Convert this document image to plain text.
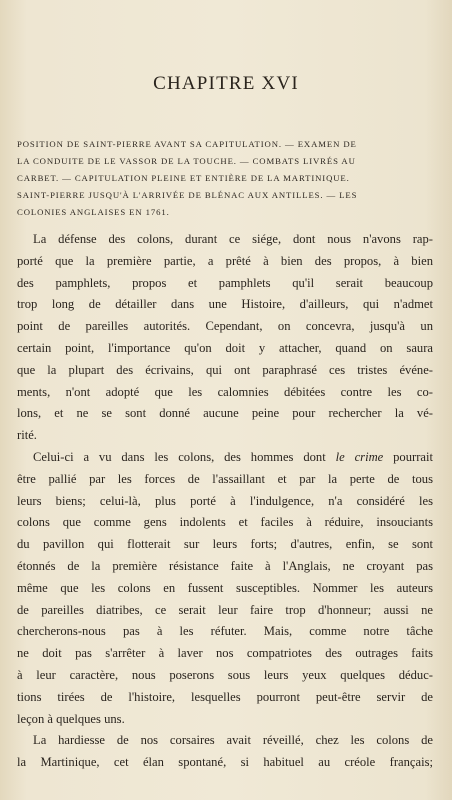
CHAPITRE XVI
POSITION DE SAINT-PIERRE AVANT SA CAPITULATION. — EXAMEN DE
LA CONDUITE DE LE VASSOR DE LA TOUCHE. — COMBATS LIVRÉS AU
CARBET. — CAPITULATION PLEINE ET ENTIÈRE DE LA MARTINIQUE.
SAINT-PIERRE JUSQU'À L'ARRIVÉE DE BLÉNAC AUX ANTILLES. — LES
COLONIES ANGLAISES EN 1761.
La défense des colons, durant ce siége, dont nous n'avons rap-
porté que la première partie, a prêté à bien des propos, à bien
des pamphlets, propos et pamphlets qu'il serait beaucoup
trop long de détailler dans une Histoire, d'ailleurs, qui n'admet
point de pareilles autorités. Cependant, on concevra, jusqu'à un
certain point, l'importance qu'on doit y attacher, quand on saura
que la plupart des écrivains, qui ont paraphrasé ces tristes événe-
ments, n'ont adopté que les calomnies débitées contre les co-
lons, et ne se sont donné aucune peine pour rechercher la vé-
rité.
Celui-ci a vu dans les colons, des hommes dont le crime pourrait
être pallié par les forces de l'assaillant et par la perte de tous
leurs biens; celui-là, plus porté à l'indulgence, n'a considéré les
colons que comme gens indolents et faciles à réduire, insouciants
du pavillon qui flotterait sur leurs forts; d'autres, enfin, se sont
étonnés de la première résistance faite à l'Anglais, ne croyant pas
même que les colons en fussent susceptibles. Nommer les auteurs
de pareilles diatribes, ce serait leur faire trop d'honneur; aussi ne
chercherons-nous pas à les réfuter. Mais, comme notre tâche
ne doit pas s'arrêter à laver nos compatriotes des outrages faits
à leur caractère, nous poserons sous leurs yeux quelques déduc-
tions tirées de l'histoire, lesquelles pourront peut-être servir de
leçon à quelques uns.
La hardiesse de nos corsaires avait réveillé, chez les colons de
la Martinique, cet élan spontané, si habituel au créole français;
